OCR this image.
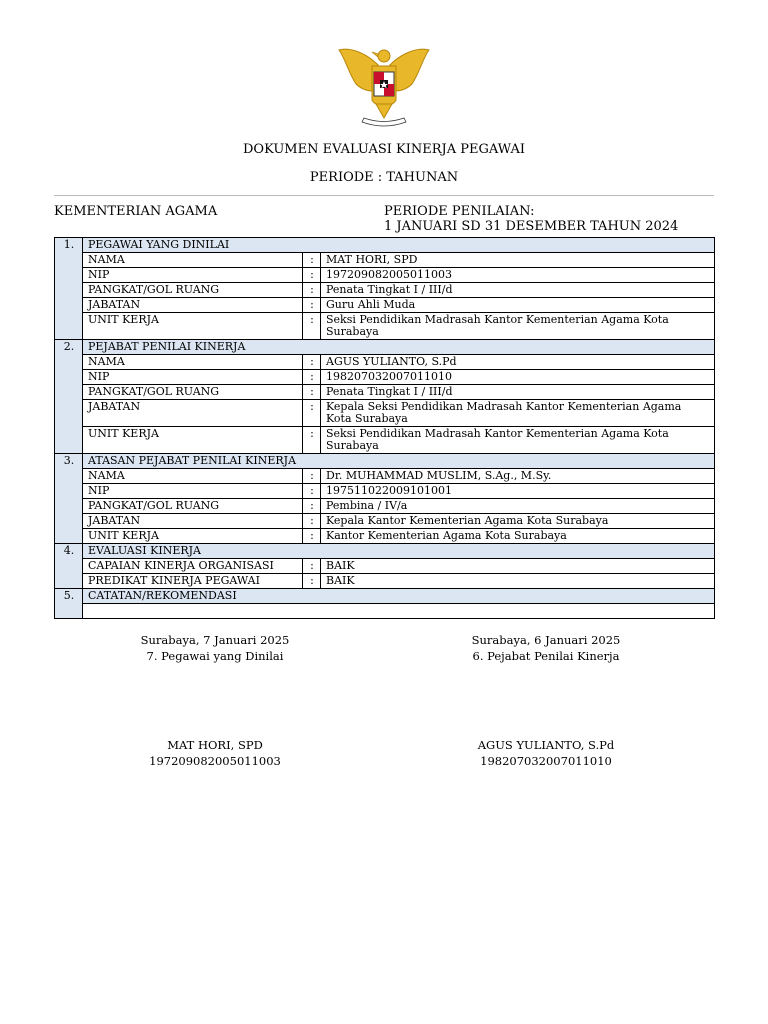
DOKUMEN EVALUASI KINERJA PEGAWAI
PERIODE : TAHUNAN
KEMENTERIAN AGAMA	PERIODE PENILAIAN:
1 JANUARI SD 31 DESEMBER TAHUN 2024
1.	PEGAWAI YANG DINILAI		
	NAMA	:	MAT HORI, SPD
	NIP	:	197209082005011003
	PANGKAT/GOL RUANG	:	Penata Tingkat I / III/d
	JABATAN	:	Guru Ahli Muda
	UNIT KERJA	:	Seksi Pendidikan Madrasah Kantor Kementerian Agama Kota Surabaya
2.	PEJABAT PENILAI KINERJA		
	NAMA	:	AGUS YULIANTO, S.Pd
	NIP	:	198207032007011010
	PANGKAT/GOL RUANG	:	Penata Tingkat I / III/d
	JABATAN	:	Kepala Seksi Pendidikan Madrasah Kantor Kementerian Agama Kota Surabaya
	UNIT KERJA	:	Seksi Pendidikan Madrasah Kantor Kementerian Agama Kota Surabaya
3.	ATASAN PEJABAT PENILAI KINERJA		
	NAMA	:	Dr. MUHAMMAD MUSLIM, S.Ag., M.Sy.
	NIP	:	197511022009101001
	PANGKAT/GOL RUANG	:	Pembina / IV/a
	JABATAN	:	Kepala Kantor Kementerian Agama Kota Surabaya
	UNIT KERJA	:	Kantor Kementerian Agama Kota Surabaya
4.	EVALUASI KINERJA		
	CAPAIAN KINERJA ORGANISASI	:	BAIK
	PREDIKAT KINERJA PEGAWAI	:	BAIK
5.	CATATAN/REKOMENDASI		

Surabaya, 7 Januari 2025
7. Pegawai yang Dinilai
MAT HORI, SPD
197209082005011003
Surabaya, 6 Januari 2025
6. Pejabat Penilai Kinerja
AGUS YULIANTO, S.Pd
198207032007011010
